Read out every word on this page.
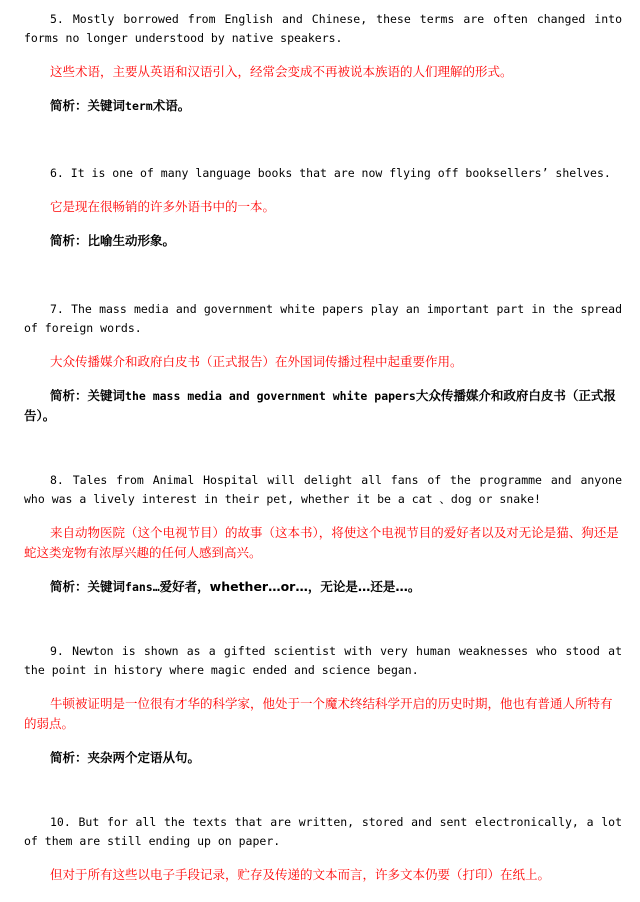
5. Mostly borrowed from English and Chinese, these terms are often changed into forms no longer understood by native speakers.

这些术语，主要从英语和汉语引入，经常会变成不再被说本族语的人们理解的形式。

简析：关键词term术语。

6. It is one of many language books that are now flying off booksellers’ shelves.

它是现在很畅销的许多外语书中的一本。

简析：比喻生动形象。

7. The mass media and government white papers play an important part in the spread of foreign words.

大众传播媒介和政府白皮书（正式报告）在外国词传播过程中起重要作用。

简析：关键词the mass media and government white papers大众传播媒介和政府白皮书（正式报告）。

8. Tales from Animal Hospital will delight all fans of the programme and anyone who was a lively interest in their pet, whether it be a cat 、dog or snake!

来自动物医院（这个电视节目）的故事（这本书），将使这个电视节目的爱好者以及对无论是猫、狗还是蛇这类宠物有浓厚兴趣的任何人感到高兴。

简析：关键词fans…爱好者，whether…or…，无论是…还是…。

9. Newton is shown as a gifted scientist with very human weaknesses who stood at the point in history where magic ended and science began.

牛顿被证明是一位很有才华的科学家，他处于一个魔术终结科学开启的历史时期，他也有普通人所特有的弱点。

简析：夹杂两个定语从句。

10. But for all the texts that are written, stored and sent electronically, a lot of them are still ending up on paper.

但对于所有这些以电子手段记录，贮存及传递的文本而言，许多文本仍要（打印）在纸上。
